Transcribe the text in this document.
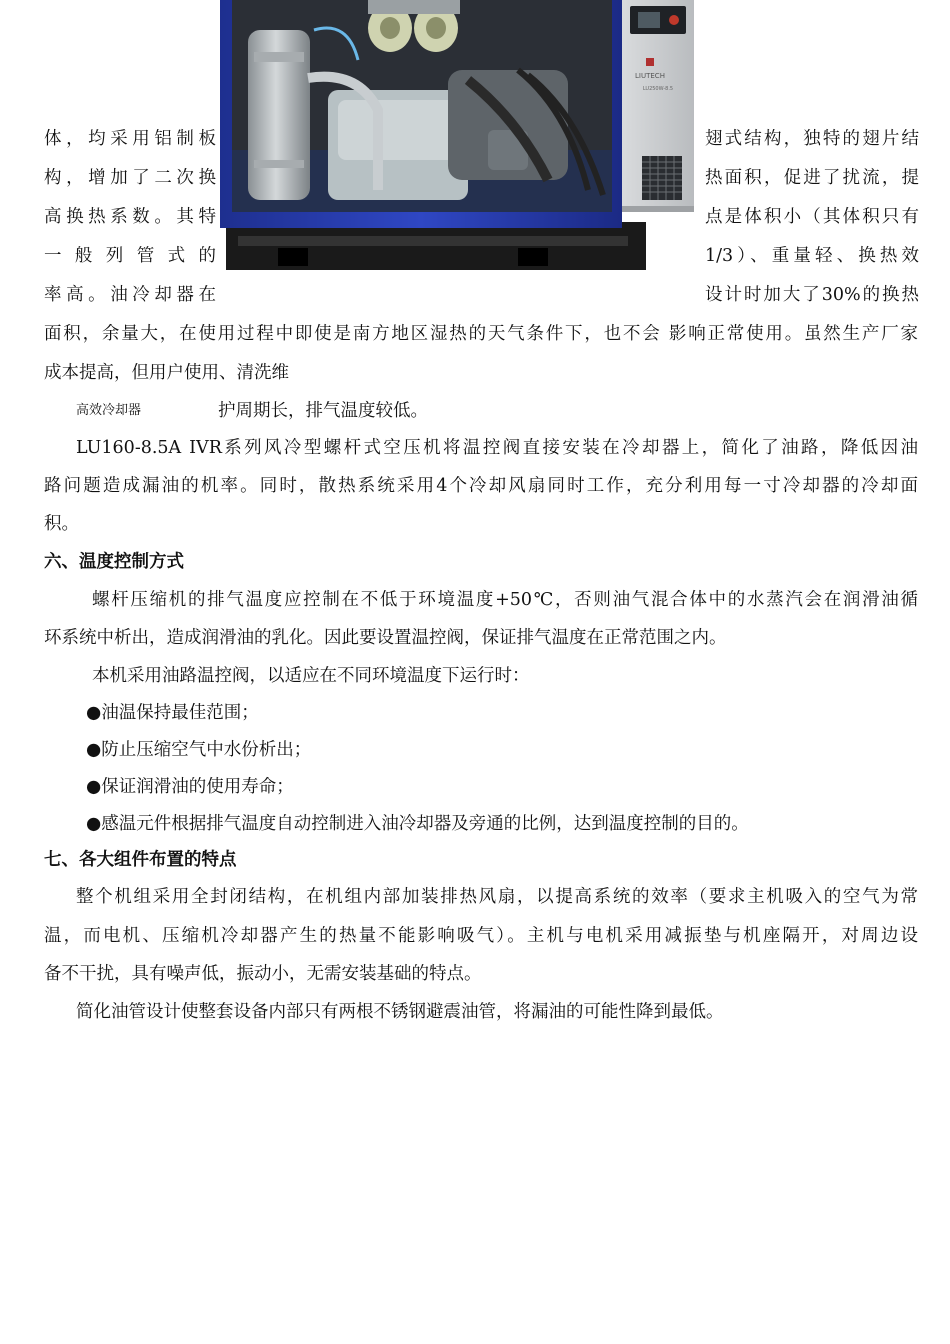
LIUTECH
LU250W-8.5
体，均采用铝制板	翅式结构，独特的翅片结
构，增加了二次换	热面积，促进了扰流，提
高换热系数。其特	点是体积小（其体积只有
一般列管式的	1/3）、重量轻、换热效
率高。油冷却器在	设计时加大了30%的换热
面积，余量大，在使用过程中即使是南方地区湿热的天气条件下，也不会 影响正常使用。虽然生产厂家
成本提高，但用户使用、清洗维
高效冷却器	护周期长，排气温度较低。
LU160-8.5A IVR系列风冷型螺杆式空压机将温控阀直接安装在冷却器上，简化了油路，降低因油
路问题造成漏油的机率。同时，散热系统采用4个冷却风扇同时工作，充分利用每一寸冷却器的冷却面
积。
六、温度控制方式
螺杆压缩机的排气温度应控制在不低于环境温度+50℃，否则油气混合体中的水蒸汽会在润滑油循
环系统中析出，造成润滑油的乳化。因此要设置温控阀，保证排气温度在正常范围之内。
本机采用油路温控阀，以适应在不同环境温度下运行时：
●油温保持最佳范围；
●防止压缩空气中水份析出；
●保证润滑油的使用寿命；
●感温元件根据排气温度自动控制进入油冷却器及旁通的比例，达到温度控制的目的。
七、各大组件布置的特点
整个机组采用全封闭结构，在机组内部加装排热风扇，以提高系统的效率（要求主机吸入的空气为常
温，而电机、压缩机冷却器产生的热量不能影响吸气）。主机与电机采用减振垫与机座隔开，对周边设
备不干扰，具有噪声低，振动小，无需安装基础的特点。
简化油管设计使整套设备内部只有两根不锈钢避震油管，将漏油的可能性降到最低。
